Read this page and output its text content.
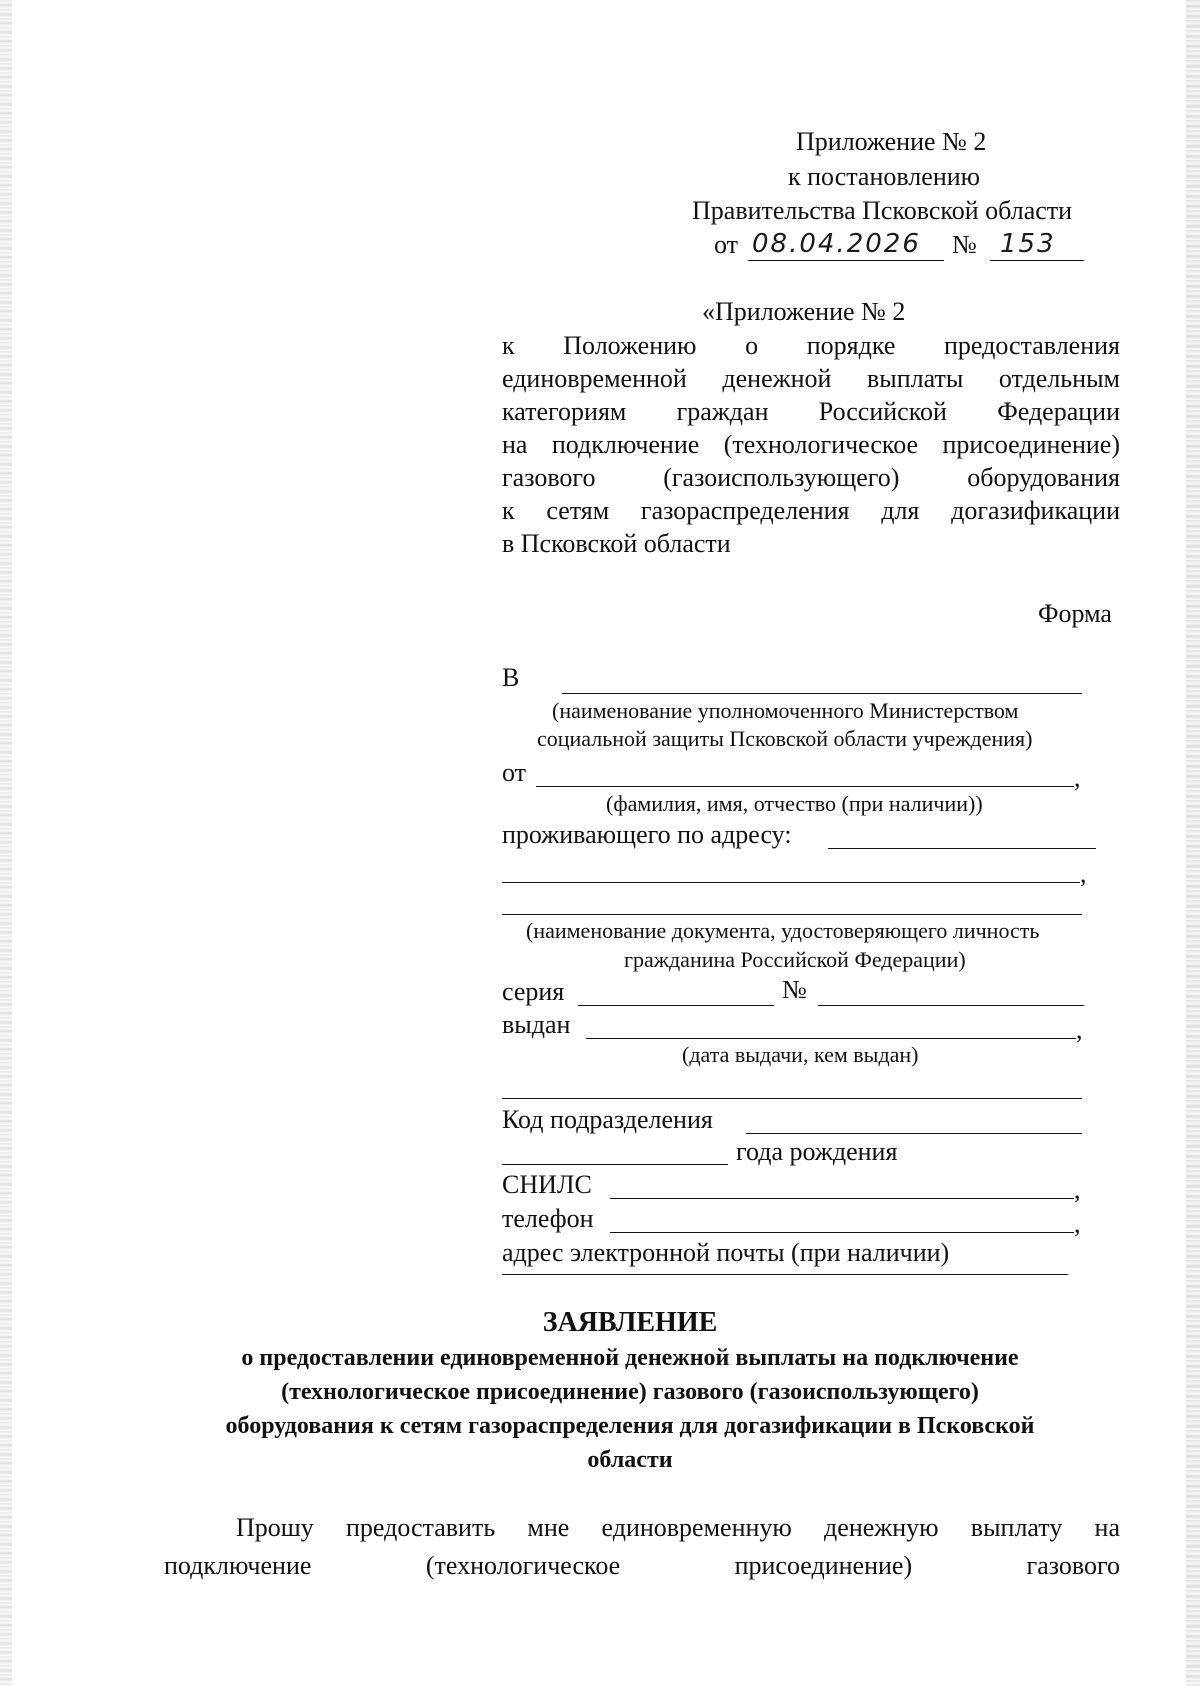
Приложение № 2
к постановлению
Правительства Псковской области
от 08.04.2026 № 153
«Приложение № 2
к Положению о порядке предоставления
единовременной денежной выплаты отдельным
категориям граждан Российской Федерации
на подключение (технологическое присоединение)
газового (газоиспользующего) оборудования
к сетям газораспределения для догазификации
в Псковской области
Форма
В
(наименование уполномоченного Министерством
социальной защиты Псковской области учреждения)
от	,
(фамилия, имя, отчество (при наличии))
проживающего по адресу:
,
(наименование документа, удостоверяющего личность
гражданина Российской Федерации)
серия	№
выдан	,
(дата выдачи, кем выдан)
Код подразделения
года рождения
СНИЛС	,
телефон	,
адрес электронной почты (при наличии)
ЗАЯВЛЕНИЕ
о предоставлении единовременной денежной выплаты на подключение
(технологическое присоединение) газового (газоиспользующего)
оборудования к сетям газораспределения для догазификации в Псковской
области
Прошу предоставить мне единовременную денежную выплату на
подключение (технологическое присоединение) газового
